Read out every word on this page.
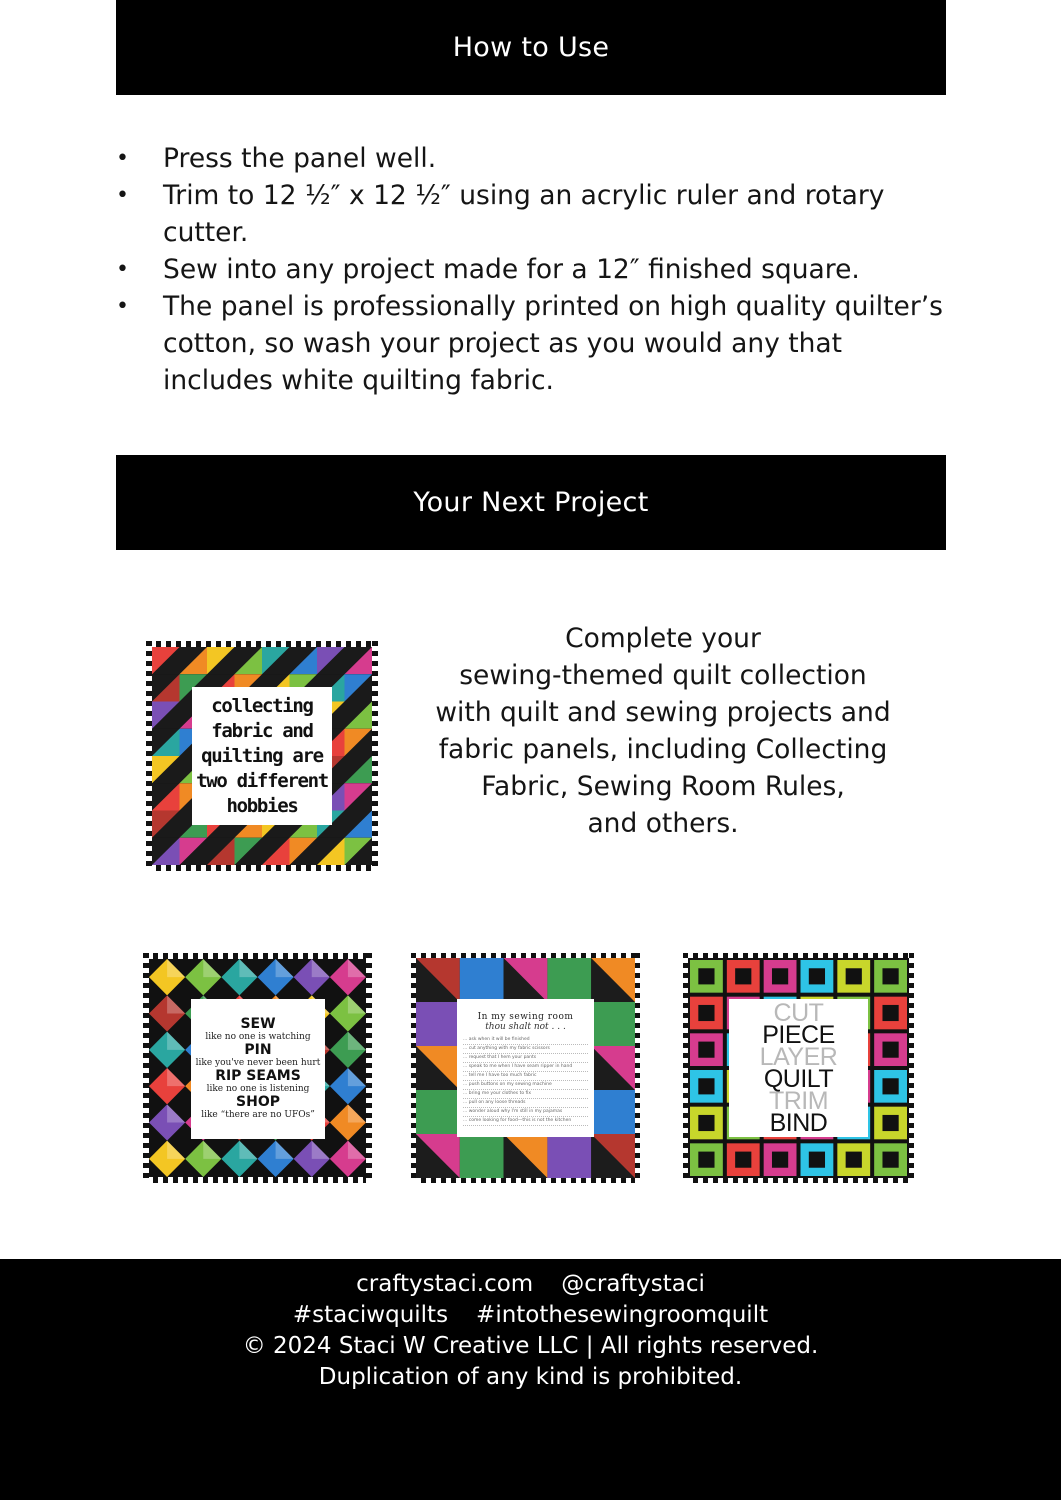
How to Use
• Press the panel well.
• Trim to 12 ½″ x 12 ½″ using an acrylic ruler and rotary cutter.
• Sew into any project made for a 12″ finished square.
• The panel is professionally printed on high quality quilter’s cotton, so wash your project as you would any that includes white quilting fabric.
Your Next Project
collecting
fabric and
quilting are
two different
hobbies
Complete your
sewing-themed quilt collection
with quilt and sewing projects and
fabric panels, including Collecting
Fabric, Sewing Room Rules,
and others.
SEW
like no one is watching
PIN
like you've never been hurt
RIP SEAMS
like no one is listening
SHOP
like “there are no UFOs”
In my sewing room
thou shalt not . . .
... ask when it will be finished
... cut anything with my fabric scissors
... request that I hem your pants
... speak to me when I have seam ripper in hand
... tell me I have too much fabric
... push buttons on my sewing machine
... bring me your clothes to fix
... pull on any loose threads
... wonder aloud why I'm still in my pajamas
... come looking for food—this is not the kitchen
CUT
PIECE
LAYER
QUILT
TRIM
BIND
craftystaci.com @craftystaci
#staciwquilts #intothesewingroomquilt
© 2024 Staci W Creative LLC | All rights reserved.
Duplication of any kind is prohibited.
